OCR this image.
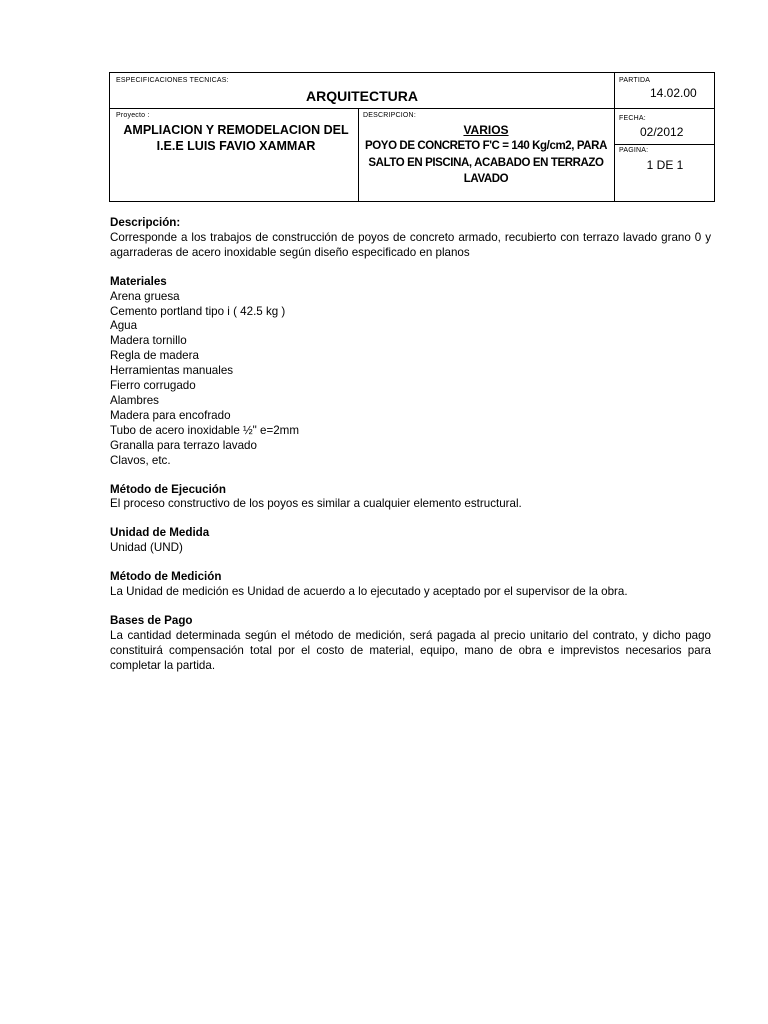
ESPECIFICACIONES TECNICAS:
ARQUITECTURA
PARTIDA
14.02.00
Proyecto :
AMPLIACION Y REMODELACION DEL I.E.E LUIS FAVIO XAMMAR
DESCRIPCION:
VARIOS
POYO DE CONCRETO F'C = 140 Kg/cm2, PARA SALTO EN PISCINA, ACABADO EN TERRAZO LAVADO
FECHA:
02/2012
PAGINA:
1 DE 1
Descripción:

Corresponde a los trabajos de construcción de poyos de concreto armado, recubierto con terrazo lavado grano 0 y agarraderas de acero inoxidable según diseño especificado en planos

Materiales
Arena gruesa
Cemento portland tipo i ( 42.5 kg )
Agua
Madera tornillo
Regla de madera
Herramientas manuales
Fierro corrugado
Alambres
Madera para encofrado
Tubo de acero inoxidable ½" e=2mm
Granalla para terrazo lavado
Clavos, etc.
Método de Ejecución

El proceso constructivo de los poyos es similar a cualquier elemento estructural.

Unidad de Medida

Unidad (UND)

Método de Medición

La Unidad de medición es Unidad de acuerdo a lo ejecutado y aceptado por el supervisor de la obra.

Bases de Pago

La cantidad determinada según el método de medición, será pagada al precio unitario del contrato, y dicho pago constituirá compensación total por el costo de material, equipo, mano de obra e imprevistos necesarios para completar la partida.
